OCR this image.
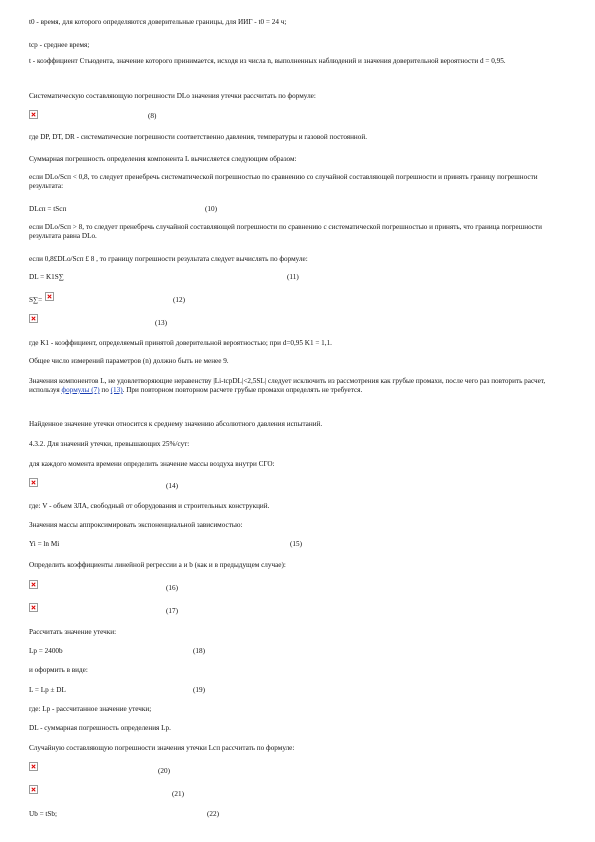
t0 - время, для которого определяются доверительные границы, для ИИГ - t0 = 24 ч;
tср - среднее время;
t - коэффициент Стьюдента, значение которого принимается, исходя из числа n, выполненных наблюдений и значения доверительной вероятности d = 0,95.
Систематическую составляющую погрешности DLo значения утечки рассчитать по формуле:
(8)
где DP, DT, DR - систематические погрешности соответственно давления, температуры и газовой постоянной.
Суммарная погрешность определения компонента L вычисляется следующим образом:
если DLo/Sсп < 0,8, то следует пренебречь систематической погрешностью по сравнению со случайной составляющей погрешности и принять границу погрешности результата:
DLсп = tSсп	(10)
если DLo/Sсп > 8, то следует пренебречь случайной составляющей погрешности по сравнению с систематической погрешностью и принять, что граница погрешности результата равна DLo.
если 0,8£DLo/Sсп £ 8 , то границу погрешности результата следует вычислять по формуле:
DL = K1S∑	(11)
S∑=	(12)
(13)
где K1 - коэффициент, определяемый принятой доверительной вероятностью; при d=0,95 K1 = 1,1.
Общее число измерений параметров (n) должно быть не менее 9.
Значения компонентов L, не удовлетворяющие неравенству |Li-tсрDL|<2,5SL| следует исключить из рассмотрения как грубые промахи, после чего раз повторить расчет, используя формулы (7) по (13). При повторном повторном расчете грубые промахи определять не требуется.
Найденное значение утечки относится к среднему значению абсолютного давления испытаний.
4.3.2. Для значений утечки, превышающих 25%/сут:
для каждого момента времени определить значение массы воздуха внутри СГО:
(14)
где: V - объем ЗЛА, свободный от оборудования и строительных конструкций.
Значения массы аппроксимировать экспоненциальной зависимостью:
Yi = ln Mi	(15)
Определить коэффициенты линейной регрессии a и b (как и в предыдущем случае):
(16)
(17)
Рассчитать значение утечки:
Lр = 2400b	(18)
и оформить в виде:
L = Lр ± DL	(19)
где: Lр - рассчитанное значение утечки;
DL - суммарная погрешность определения Lр.
Случайную составляющую погрешности значения утечки Lсп рассчитать по формуле:
(20)
(21)
Ub = tSb;	(22)
